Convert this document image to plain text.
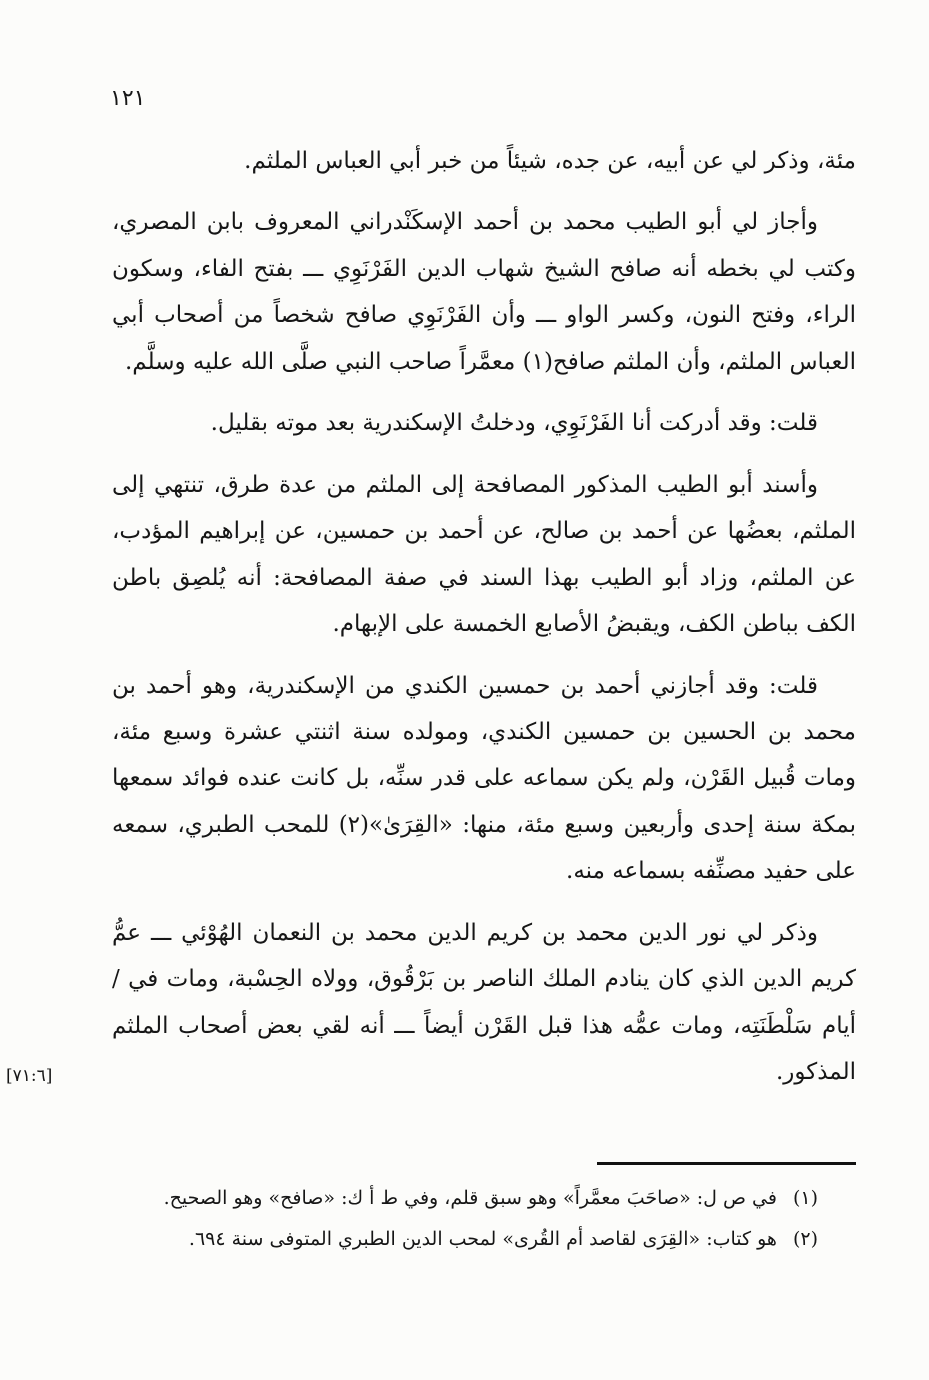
١٢١

مئة، وذكر لي عن أبيه، عن جده، شيئاً من خبر أبي العباس الملثم.

وأجاز لي أبو الطيب محمد بن أحمد الإسكَنْدراني المعروف بابن المصري، وكتب لي بخطه أنه صافح الشيخ شهاب الدين الفَرْنَوِي ـــ بفتح الفاء، وسكون الراء، وفتح النون، وكسر الواو ـــ وأن الفَرْنَوِي صافح شخصاً من أصحاب أبي العباس الملثم، وأن الملثم صافح(١) معمَّراً صاحب النبي صلَّى الله عليه وسلَّم.

قلت: وقد أدركت أنا الفَرْنَوِي، ودخلتُ الإسكندرية بعد موته بقليل.

وأسند أبو الطيب المذكور المصافحة إلى الملثم من عدة طرق، تنتهي إلى الملثم، بعضُها عن أحمد بن صالح، عن أحمد بن حمسين، عن إبراهيم المؤدب، عن الملثم، وزاد أبو الطيب بهذا السند في صفة المصافحة: أنه يُلصِق باطن الكف بباطن الكف، ويقبضُ الأصابع الخمسة على الإبهام.

قلت: وقد أجازني أحمد بن حمسين الكندي من الإسكندرية، وهو أحمد بن محمد بن الحسين بن حمسين الكندي، ومولده سنة اثنتي عشرة وسبع مئة، ومات قُبيل القَرْن، ولم يكن سماعه على قدر سنِّه، بل كانت عنده فوائد سمعها بمكة سنة إحدى وأربعين وسبع مئة، منها: «القِرَىٰ»(٢) للمحب الطبري، سمعه على حفيد مصنِّفه بسماعه منه.

وذكر لي نور الدين محمد بن كريم الدين محمد بن النعمان الهُوْئي ـــ عمُّ كريم الدين الذي كان ينادم الملك الناصر بن بَرْقُوق، وولاه الحِسْبة، ومات في / أيام سَلْطَنَتِه، ومات عمُّه هذا قبل القَرْن أيضاً ـــ أنه لقي بعض أصحاب الملثم المذكور.

[٧١:٦]
(١)
في ص ل: «صاحَبَ معمَّراً» وهو سبق قلم، وفي ط أ ك: «صافح» وهو الصحيح.
(٢)
هو كتاب: «القِرَى لقاصد أم القُرى» لمحب الدين الطبري المتوفى سنة ٦٩٤.
